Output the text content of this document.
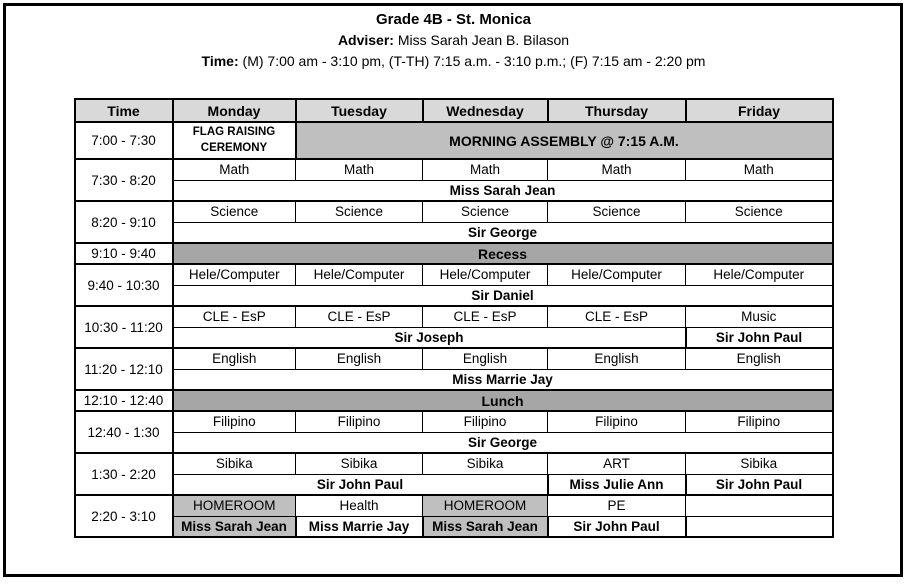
Grade 4B - St. Monica
Adviser: Miss Sarah Jean B. Bilason
Time: (M) 7:00 am - 3:10 pm, (T-TH) 7:15 a.m. - 3:10 p.m.; (F) 7:15 am - 2:20 pm
Time	Monday	Tuesday	Wednesday	Thursday	Friday
7:00 - 7:30	FLAG RAISING CEREMONY	MORNING ASSEMBLY @ 7:15 A.M.			
7:30 - 8:20	Math	Math	Math	Math	Math
	Miss Sarah Jean				
8:20 - 9:10	Science	Science	Science	Science	Science
	Sir George				
9:10 - 9:40	Recess				
9:40 - 10:30	Hele/Computer	Hele/Computer	Hele/Computer	Hele/Computer	Hele/Computer
	Sir Daniel				
10:30 - 11:20	CLE - EsP	CLE - EsP	CLE - EsP	CLE - EsP	Music
	Sir Joseph				Sir John Paul
11:20 - 12:10	English	English	English	English	English
	Miss Marrie Jay				
12:10 - 12:40	Lunch				
12:40 - 1:30	Filipino	Filipino	Filipino	Filipino	Filipino
	Sir George				
1:30 - 2:20	Sibika	Sibika	Sibika	ART	Sibika
	Sir John Paul			Miss Julie Ann	Sir John Paul
2:20 - 3:10	HOMEROOM	Health	HOMEROOM	PE	
	Miss Sarah Jean	Miss Marrie Jay	Miss Sarah Jean	Sir John Paul	
